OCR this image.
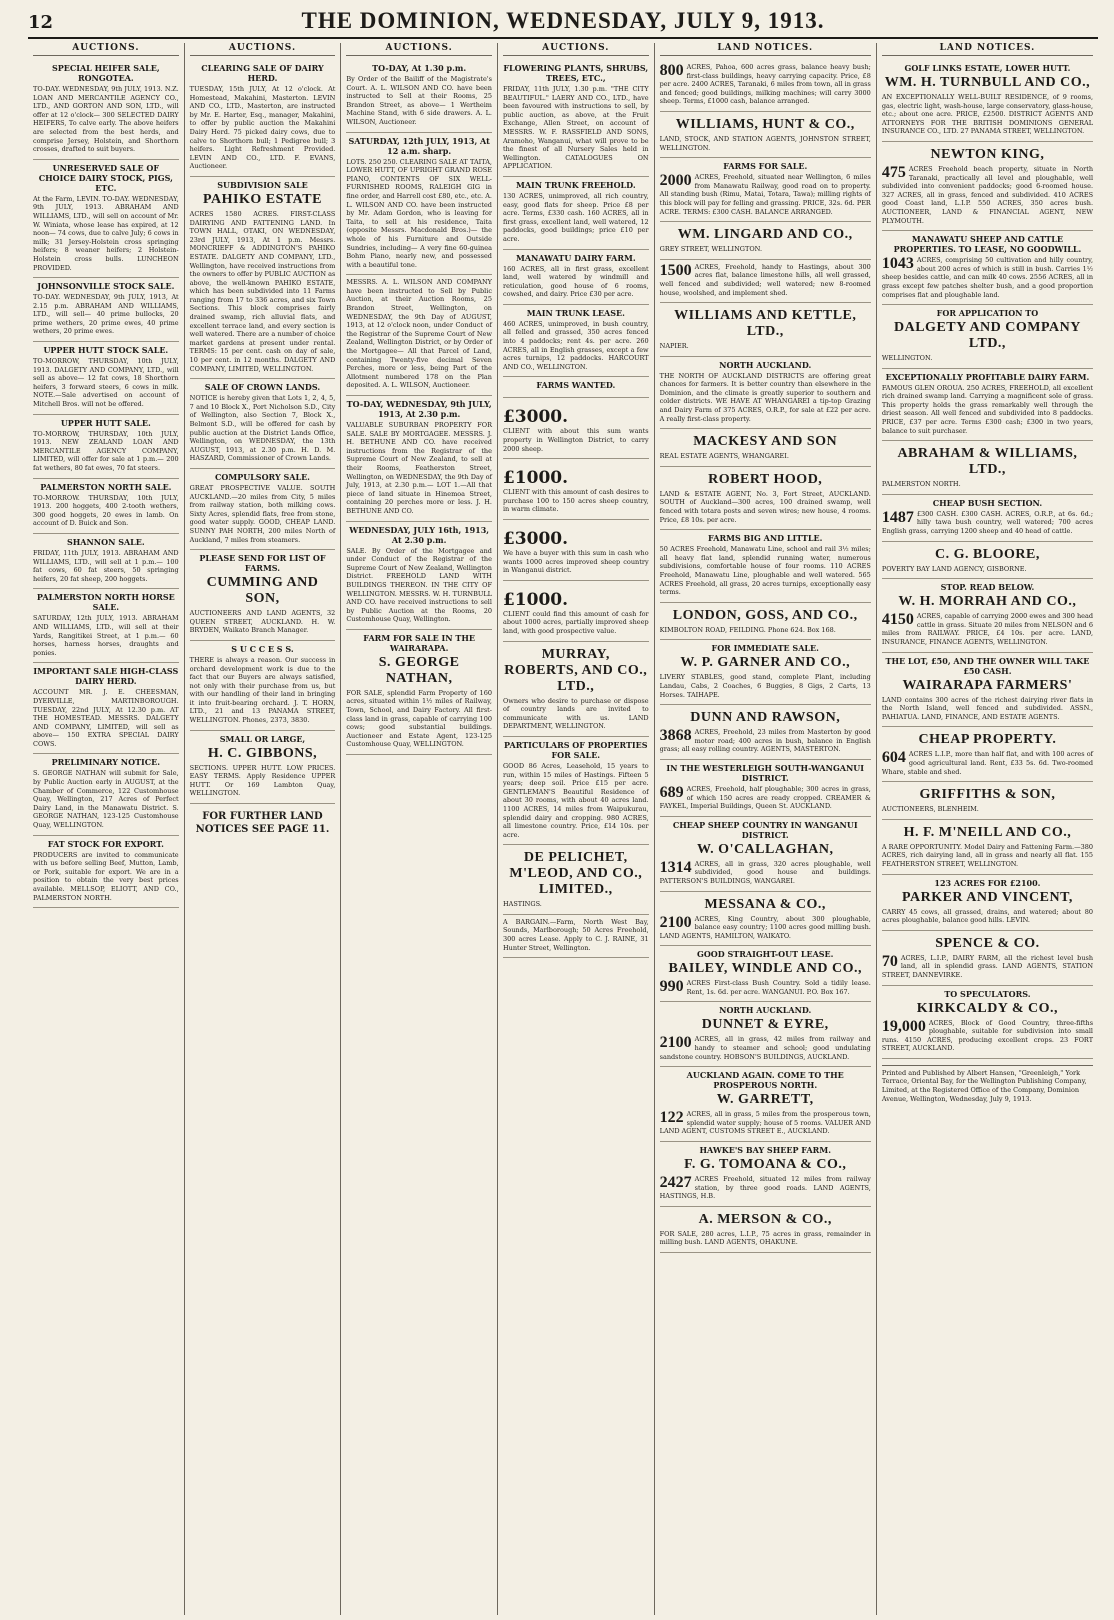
12	THE DOMINION, WEDNESDAY, JULY 9, 1913.
AUCTIONS.
SPECIAL HEIFER SALE, RONGOTEA.
TO-DAY. WEDNESDAY, 9th JULY, 1913. N.Z. LOAN AND MERCANTILE AGENCY CO., LTD., AND GORTON AND SON, LTD., will offer at 12 o'clock— 300 SELECTED DAIRY HEIFERS, To calve early. The above heifers are selected from the best herds, and comprise Jersey, Holstein, and Shorthorn crosses, drafted to suit buyers.
UNRESERVED SALE OF CHOICE DAIRY STOCK, PIGS, ETC.
At the Farm, LEVIN. TO-DAY. WEDNESDAY, 9th JULY, 1913. ABRAHAM AND WILLIAMS, LTD., will sell on account of Mr. W. Winiata, whose lease has expired, at 12 noon— 74 cows, due to calve July; 6 cows in milk; 31 Jersey-Holstein cross springing heifers; 8 weaner heifers; 2 Holstein-Holstein cross bulls. LUNCHEON PROVIDED.
JOHNSONVILLE STOCK SALE.
TO-DAY. WEDNESDAY, 9th JULY, 1913, At 2.15 p.m. ABRAHAM AND WILLIAMS, LTD., will sell— 40 prime bullocks, 20 prime wethers, 20 prime ewes, 40 prime wethers, 20 prime ewes.
UPPER HUTT STOCK SALE.
TO-MORROW, THURSDAY, 10th JULY, 1913. DALGETY AND COMPANY, LTD., will sell as above— 12 fat cows, 18 Shorthorn heifers, 3 forward steers, 6 cows in milk. NOTE.—Sale advertised on account of Mitchell Bros. will not be offered.
UPPER HUTT SALE.
TO-MORROW, THURSDAY, 10th JULY, 1913. NEW ZEALAND LOAN AND MERCANTILE AGENCY COMPANY, LIMITED, will offer for sale at 1 p.m.— 200 fat wethers, 80 fat ewes, 70 fat steers.
PALMERSTON NORTH SALE.
TO-MORROW. THURSDAY, 10th JULY, 1913. 200 hoggets, 400 2-tooth wethers, 300 good hoggets, 20 ewes in lamb. On account of D. Buick and Son.
SHANNON SALE.
FRIDAY, 11th JULY, 1913. ABRAHAM AND WILLIAMS, LTD., will sell at 1 p.m.— 100 fat cows, 60 fat steers, 50 springing heifers, 20 fat sheep, 200 hoggets.
PALMERSTON NORTH HORSE SALE.
SATURDAY, 12th JULY, 1913. ABRAHAM AND WILLIAMS, LTD., will sell at their Yards, Rangitikei Street, at 1 p.m.— 60 horses, harness horses, draughts and ponies.
IMPORTANT SALE HIGH-CLASS DAIRY HERD.
ACCOUNT MR. J. E. CHEESMAN, DYERVILLE, MARTINBOROUGH. TUESDAY, 22nd JULY, At 12.30 p.m. AT THE HOMESTEAD. MESSRS. DALGETY AND COMPANY, LIMITED, will sell as above— 150 EXTRA SPECIAL DAIRY COWS.
PRELIMINARY NOTICE.
S. GEORGE NATHAN will submit for Sale, by Public Auction early in AUGUST, at the Chamber of Commerce, 122 Customhouse Quay, Wellington, 217 Acres of Perfect Dairy Land, in the Manawatu District. S. GEORGE NATHAN, 123-125 Customhouse Quay, WELLINGTON.
FAT STOCK FOR EXPORT.
PRODUCERS are invited to communicate with us before selling Beef, Mutton, Lamb, or Pork, suitable for export. We are in a position to obtain the very best prices available. MELLSOP, ELIOTT, AND CO., PALMERSTON NORTH.
AUCTIONS.
CLEARING SALE OF DAIRY HERD.
TUESDAY, 15th JULY, At 12 o'clock. At Homestead, Makahini, Masterton. LEVIN AND CO., LTD., Masterton, are instructed by Mr. E. Harter, Esq., manager, Makahini, to offer by public auction the Makahini Dairy Herd. 75 picked dairy cows, due to calve to Shorthorn bull; 1 Pedigree bull; 3 heifers. Light Refreshment Provided. LEVIN AND CO., LTD. F. EVANS, Auctioneer.
SUBDIVISION SALE
PAHIKO ESTATE
ACRES 1580 ACRES. FIRST-CLASS DAIRYING AND FATTENING LAND. In TOWN HALL, OTAKI, ON WEDNESDAY, 23rd JULY, 1913, At 1 p.m. Messrs. MONCRIEFF & ADDINGTON'S PAHIKO ESTATE. DALGETY AND COMPANY, LTD., Wellington, have received instructions from the owners to offer by PUBLIC AUCTION as above, the well-known PAHIKO ESTATE, which has been subdivided into 11 Farms ranging from 17 to 336 acres, and six Town Sections. This block comprises fairly drained swamp, rich alluvial flats, and excellent terrace land, and every section is well watered. There are a number of choice market gardens at present under rental. TERMS: 15 per cent. cash on day of sale, 10 per cent. in 12 months. DALGETY AND COMPANY, LIMITED, WELLINGTON.
SALE OF CROWN LANDS.
NOTICE is hereby given that Lots 1, 2, 4, 5, 7 and 10 Block X., Port Nicholson S.D., City of Wellington, also Section 7, Block X., Belmont S.D., will be offered for cash by public auction at the District Lands Office, Wellington, on WEDNESDAY, the 13th AUGUST, 1913, at 2.30 p.m. H. D. M. HASZARD, Commissioner of Crown Lands.
COMPULSORY SALE.
GREAT PROSPECTIVE VALUE. SOUTH AUCKLAND.—20 miles from City, 5 miles from railway station, both milking cows. Sixty Acres, splendid flats, free from stone, good water supply. GOOD, CHEAP LAND. SUNNY PAH NORTH, 200 miles North of Auckland, 7 miles from steamers.
PLEASE SEND FOR LIST OF FARMS.
CUMMING AND SON,
AUCTIONEERS AND LAND AGENTS, 32 QUEEN STREET, AUCKLAND. H. W. BRYDEN, Waikato Branch Manager.
S U C C E S S.
THERE is always a reason. Our success in orchard development work is due to the fact that our Buyers are always satisfied, not only with their purchase from us, but with our handling of their land in bringing it into fruit-bearing orchard. J. T. HORN, LTD., 21 and 13 PANAMA STREET, WELLINGTON. Phones, 2373, 3830.
SMALL OR LARGE,
H. C. GIBBONS,
SECTIONS. UPPER HUTT. LOW PRICES. EASY TERMS. Apply Residence UPPER HUTT. Or 169 Lambton Quay, WELLINGTON.
FOR FURTHER LAND NOTICES SEE PAGE 11.
AUCTIONS.
TO-DAY, At 1.30 p.m.
By Order of the Bailiff of the Magistrate's Court. A. L. WILSON AND CO. have been instructed to Sell at their Rooms, 25 Brandon Street, as above— 1 Wertheim Machine Stand, with 6 side drawers. A. L. WILSON, Auctioneer.
SATURDAY, 12th JULY, 1913, At 12 a.m. sharp.
LOTS. 250 250. CLEARING SALE AT TAITA, LOWER HUTT, OF UPRIGHT GRAND ROSE PIANO, CONTENTS OF SIX WELL-FURNISHED ROOMS, RALEIGH GIG in fine order, and Harrell cost £80, etc., etc. A. L. WILSON AND CO. have been instructed by Mr. Adam Gordon, who is leaving for Taita, to sell at his residence, Taita (opposite Messrs. Macdonald Bros.)— the whole of his Furniture and Outside Sundries, including— A very fine 60-guinea Bohm Piano, nearly new, and possessed with a beautiful tone.
MESSRS. A. L. WILSON AND COMPANY have been instructed to Sell by Public Auction, at their Auction Rooms, 25 Brandon Street, Wellington, on WEDNESDAY, the 9th Day of AUGUST, 1913, at 12 o'clock noon, under Conduct of the Registrar of the Supreme Court of New Zealand, Wellington District, or by Order of the Mortgagee— All that Parcel of Land, containing Twenty-five decimal Seven Perches, more or less, being Part of the Allotment numbered 178 on the Plan deposited. A. L. WILSON, Auctioneer.
TO-DAY, WEDNESDAY, 9th JULY, 1913, At 2.30 p.m.
VALUABLE SUBURBAN PROPERTY FOR SALE. SALE BY MORTGAGEE. MESSRS. J. H. BETHUNE AND CO. have received instructions from the Registrar of the Supreme Court of New Zealand, to sell at their Rooms, Featherston Street, Wellington, on WEDNESDAY, the 9th Day of July, 1913, at 2.30 p.m.— LOT 1.—All that piece of land situate in Hinemoa Street, containing 20 perches more or less. J. H. BETHUNE AND CO.
WEDNESDAY, JULY 16th, 1913, At 2.30 p.m.
SALE. By Order of the Mortgagee and under Conduct of the Registrar of the Supreme Court of New Zealand, Wellington District. FREEHOLD LAND WITH BUILDINGS THEREON. IN THE CITY OF WELLINGTON. MESSRS. W. H. TURNBULL AND CO. have received instructions to sell by Public Auction at the Rooms, 20 Customhouse Quay, Wellington.
FARM FOR SALE IN THE WAIRARAPA.
S. GEORGE NATHAN,
FOR SALE, splendid Farm Property of 160 acres, situated within 1½ miles of Railway, Town, School, and Dairy Factory. All first-class land in grass, capable of carrying 100 cows; good substantial buildings. Auctioneer and Estate Agent, 123-125 Customhouse Quay, WELLINGTON.
AUCTIONS.
FLOWERING PLANTS, SHRUBS, TREES, ETC.,
FRIDAY, 11th JULY, 1.30 p.m. "THE CITY BEAUTIFUL." LAERY AND CO., LTD., have been favoured with instructions to sell, by public auction, as above, at the Fruit Exchange, Allen Street, on account of MESSRS. W. F. RASSFIELD AND SONS, Aramoho, Wanganui, what will prove to be the finest of all Nursery Sales held in Wellington. CATALOGUES ON APPLICATION.
MAIN TRUNK FREEHOLD.
130 ACRES, unimproved, all rich country, easy, good flats for sheep. Price £8 per acre. Terms, £330 cash. 160 ACRES, all in first grass, excellent land, well watered, 12 paddocks, good buildings; price £10 per acre.
MANAWATU DAIRY FARM.
160 ACRES, all in first grass, excellent land, well watered by windmill and reticulation, good house of 6 rooms, cowshed, and dairy. Price £30 per acre.
MAIN TRUNK LEASE.
460 ACRES, unimproved, in bush country, all felled and grassed, 350 acres fenced into 4 paddocks; rent 4s. per acre. 260 ACRES, all in English grasses, except a few acres turnips, 12 paddocks. HARCOURT AND CO., WELLINGTON.
FARMS WANTED.
£3000.
CLIENT with about this sum wants property in Wellington District, to carry 2000 sheep.
£1000.
CLIENT with this amount of cash desires to purchase 100 to 150 acres sheep country, in warm climate.
£3000.
We have a buyer with this sum in cash who wants 1000 acres improved sheep country in Wanganui district.
£1000.
CLIENT could find this amount of cash for about 1000 acres, partially improved sheep land, with good prospective value.
MURRAY, ROBERTS, AND CO., LTD.,
Owners who desire to purchase or dispose of country lands are invited to communicate with us. LAND DEPARTMENT, WELLINGTON.
PARTICULARS OF PROPERTIES FOR SALE.
GOOD 86 Acres, Leasehold, 15 years to run, within 15 miles of Hastings. Fifteen 5 years; deep soil. Price £15 per acre. GENTLEMAN'S Beautiful Residence of about 30 rooms, with about 40 acres land. 1100 ACRES, 14 miles from Waipukurau, splendid dairy and cropping. 980 ACRES, all limestone country. Price, £14 10s. per acre.
DE PELICHET, M'LEOD, AND CO., LIMITED.,
HASTINGS.
A BARGAIN.—Farm, North West Bay, Sounds, Marlborough; 50 Acres Freehold, 300 acres Lease. Apply to C. J. RAINE, 31 Hunter Street, Wellington.
LAND NOTICES.
800 ACRES, Pahoa, 600 acres grass, balance heavy bush; first-class buildings, heavy carrying capacity. Price, £8 per acre. 2400 ACRES, Taranaki, 6 miles from town, all in grass and fenced; good buildings, milking machines; will carry 3000 sheep. Terms, £1000 cash, balance arranged.
WILLIAMS, HUNT & CO.,
LAND, STOCK, AND STATION AGENTS, JOHNSTON STREET, WELLINGTON.
FARMS FOR SALE.
2000 ACRES, Freehold, situated near Wellington, 6 miles from Manawatu Railway, good road on to property. All standing bush (Rimu, Matai, Totara, Tawa); milling rights of this block will pay for felling and grassing. PRICE, 32s. 6d. PER ACRE. TERMS: £300 CASH. BALANCE ARRANGED.
WM. LINGARD AND CO.,
GREY STREET, WELLINGTON.
1500 ACRES, Freehold, handy to Hastings, about 300 acres flat, balance limestone hills, all well grassed, well fenced and subdivided; well watered; new 8-roomed house, woolshed, and implement shed.
WILLIAMS AND KETTLE, LTD.,
NAPIER.
NORTH AUCKLAND.
THE NORTH OF AUCKLAND DISTRICTS are offering great chances for farmers. It is better country than elsewhere in the Dominion, and the climate is greatly superior to southern and colder districts. WE HAVE AT WHANGAREI a tip-top Grazing and Dairy Farm of 375 ACRES, O.R.P., for sale at £22 per acre. A really first-class property.
MACKESY AND SON
REAL ESTATE AGENTS, WHANGAREI.
ROBERT HOOD,
LAND & ESTATE AGENT, No. 3, Fort Street, AUCKLAND. SOUTH of Auckland—300 acres, 100 drained swamp, well fenced with totara posts and seven wires; new house, 4 rooms. Price, £8 10s. per acre.
FARMS BIG AND LITTLE.
50 ACRES Freehold, Manawatu Line, school and rail 3½ miles; all heavy flat land, splendid running water, numerous subdivisions, comfortable house of four rooms. 110 ACRES Freehold, Manawatu Line, ploughable and well watered. 565 ACRES Freehold, all grass, 20 acres turnips, exceptionally easy terms.
LONDON, GOSS, AND CO.,
KIMBOLTON ROAD, FEILDING. Phone 624. Box 168.
FOR IMMEDIATE SALE.
W. P. GARNER AND CO.,
LIVERY STABLES, good stand, complete Plant, including Landau, Cabs, 2 Coaches, 6 Buggies, 8 Gigs, 2 Carts, 13 Horses. TAIHAPE.
DUNN AND RAWSON,
3868 ACRES, Freehold, 23 miles from Masterton by good motor road; 400 acres in bush, balance in English grass; all easy rolling country. AGENTS, MASTERTON.
IN THE WESTERLEIGH SOUTH-WANGANUI DISTRICT.
689 ACRES, Freehold, half ploughable; 300 acres in grass, of which 150 acres are ready cropped. CREAMER & FAYKEL, Imperial Buildings, Queen St. AUCKLAND.
CHEAP SHEEP COUNTRY IN WANGANUI DISTRICT.
W. O'CALLAGHAN,
1314 ACRES, all in grass, 320 acres ploughable, well subdivided, good house and buildings. PATTERSON'S BUILDINGS, WANGAREI.
MESSANA & CO.,
2100 ACRES, King Country, about 300 ploughable, balance easy country; 1100 acres good milling bush. LAND AGENTS, HAMILTON, WAIKATO.
GOOD STRAIGHT-OUT LEASE.
BAILEY, WINDLE AND CO.,
990 ACRES First-class Bush Country. Sold a tidily lease. Rent, 1s. 6d. per acre. WANGANUI. P.O. Box 167.
NORTH AUCKLAND.
DUNNET & EYRE,
2100 ACRES, all in grass, 42 miles from railway and handy to steamer and school; good undulating sandstone country. HOBSON'S BUILDINGS, AUCKLAND.
AUCKLAND AGAIN. COME TO THE PROSPEROUS NORTH.
W. GARRETT,
122 ACRES, all in grass, 5 miles from the prosperous town, splendid water supply; house of 5 rooms. VALUER AND LAND AGENT, CUSTOMS STREET E., AUCKLAND.
HAWKE'S BAY SHEEP FARM.
F. G. TOMOANA & CO.,
2427 ACRES Freehold, situated 12 miles from railway station, by three good roads. LAND AGENTS, HASTINGS, H.B.
A. MERSON & CO.,
FOR SALE, 280 acres, L.I.P., 75 acres in grass, remainder in milling bush. LAND AGENTS, OHAKUNE.
LAND NOTICES.
GOLF LINKS ESTATE, LOWER HUTT.
WM. H. TURNBULL AND CO.,
AN EXCEPTIONALLY WELL-BUILT RESIDENCE, of 9 rooms, gas, electric light, wash-house, large conservatory, glass-house, etc.; about one acre. PRICE, £2500. DISTRICT AGENTS AND ATTORNEYS FOR THE BRITISH DOMINIONS GENERAL INSURANCE CO., LTD. 27 PANAMA STREET, WELLINGTON.
NEWTON KING,
475 ACRES Freehold beach property, situate in North Taranaki, practically all level and ploughable, well subdivided into convenient paddocks; good 6-roomed house. 327 ACRES, all in grass, fenced and subdivided. 410 ACRES good Coast land, L.I.P. 550 ACRES, 350 acres bush. AUCTIONEER, LAND & FINANCIAL AGENT, NEW PLYMOUTH.
MANAWATU SHEEP AND CATTLE PROPERTIES. TO LEASE, NO GOODWILL.
1043 ACRES, comprising 50 cultivation and hilly country, about 200 acres of which is still in bush. Carries 1½ sheep besides cattle, and can milk 40 cows. 2556 ACRES, all in grass except few patches shelter bush, and a good proportion comprises flat and ploughable land.
FOR APPLICATION TO
DALGETY AND COMPANY LTD.,
WELLINGTON.
EXCEPTIONALLY PROFITABLE DAIRY FARM.
FAMOUS GLEN OROUA. 250 ACRES, FREEHOLD, all excellent rich drained swamp land. Carrying a magnificent sole of grass. This property holds the grass remarkably well through the driest season. All well fenced and subdivided into 8 paddocks. PRICE, £37 per acre. Terms £300 cash; £300 in two years, balance to suit purchaser.
ABRAHAM & WILLIAMS, LTD.,
PALMERSTON NORTH.
CHEAP BUSH SECTION.
1487 £300 CASH. £300 CASH. ACRES, O.R.P., at 6s. 6d.; hilly tawa bush country, well watered; 700 acres English grass, carrying 1200 sheep and 40 head of cattle.
C. G. BLOORE,
POVERTY BAY LAND AGENCY, GISBORNE.
STOP. READ BELOW.
W. H. MORRAH AND CO.,
4150 ACRES, capable of carrying 2000 ewes and 300 head cattle in grass. Situate 20 miles from NELSON and 6 miles from RAILWAY. PRICE, £4 10s. per acre. LAND, INSURANCE, FINANCE AGENTS, WELLINGTON.
THE LOT, £50, AND THE OWNER WILL TAKE £50 CASH.
WAIRARAPA FARMERS'
LAND contains 300 acres of the richest dairying river flats in the North Island, well fenced and subdivided. ASSN., PAHIATUA. LAND, FINANCE, AND ESTATE AGENTS.
CHEAP PROPERTY.
604 ACRES L.I.P., more than half flat, and with 100 acres of good agricultural land. Rent, £33 5s. 6d. Two-roomed Whare, stable and shed.
GRIFFITHS & SON,
AUCTIONEERS, BLENHEIM.
H. F. M'NEILL AND CO.,
A RARE OPPORTUNITY. Model Dairy and Fattening Farm.—380 ACRES, rich dairying land, all in grass and nearly all flat. 155 FEATHERSTON STREET, WELLINGTON.
123 ACRES FOR £2100.
PARKER AND VINCENT,
CARRY 45 cows, all grassed, drains, and watered; about 80 acres ploughable, balance good hills. LEVIN.
SPENCE & CO.
70 ACRES, L.I.P., DAIRY FARM, all the richest level bush land, all in splendid grass. LAND AGENTS, STATION STREET, DANNEVIRKE.
TO SPECULATORS.
KIRKCALDY & CO.,
19,000 ACRES, Block of Good Country, three-fifths ploughable, suitable for subdivision into small runs. 4150 ACRES, producing excellent crops. 23 FORT STREET, AUCKLAND.
Printed and Published by Albert Hansen, "Greenleigh," York Terrace, Oriental Bay, for the Wellington Publishing Company, Limited, at the Registered Office of the Company, Dominion Avenue, Wellington, Wednesday, July 9, 1913.
